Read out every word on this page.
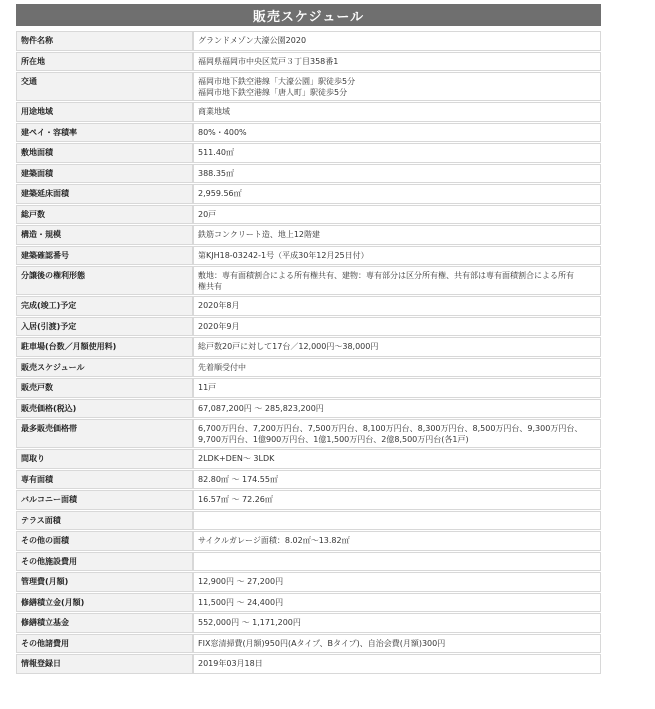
販売スケジュール
物件名称	グランドメゾン大濠公園2020

所在地	福岡県福岡市中央区荒戸３丁目358番1

交通	福岡市地下鉄空港線「大濠公園」駅徒歩5分
福岡市地下鉄空港線「唐人町」駅徒歩5分

用途地域	商業地域

建ペイ・容積率	80%・400%

敷地面積	511.40㎡

建築面積	388.35㎡

建築延床面積	2,959.56㎡

総戸数	20戸

構造・規模	鉄筋コンクリート造、地上12階建

建築確認番号	第KJH18-03242-1号（平成30年12月25日付）

分譲後の権利形態	敷地：専有面積割合による所有権共有、建物：専有部分は区分所有権、共有部は専有面積割合による所有
権共有

完成(竣工)予定	2020年8月

入居(引渡)予定	2020年9月

駐車場(台数／月額使用料)	総戸数20戸に対して17台／12,000円〜38,000円

販売スケジュール	先着順受付中

販売戸数	11戸

販売価格(税込)	67,087,200円 〜 285,823,200円

最多販売価格帯	6,700万円台、7,200万円台、7,500万円台、8,100万円台、8,300万円台、8,500万円台、9,300万円台、
9,700万円台、1億900万円台、1億1,500万円台、2億8,500万円台(各1戸)

間取り	2LDK+DEN〜 3LDK

専有面積	82.80㎡ 〜 174.55㎡

バルコニー面積	16.57㎡ 〜 72.26㎡

テラス面積	

その他の面積	サイクルガレージ面積：8.02㎡〜13.82㎡

その他施設費用	

管理費(月額)	12,900円 〜 27,200円

修繕積立金(月額)	11,500円 〜 24,400円

修繕積立基金	552,000円 〜 1,171,200円

その他諸費用	FIX窓清掃費(月額)950円(Aタイプ、Bタイプ)、自治会費(月額)300円

情報登録日	2019年03月18日
